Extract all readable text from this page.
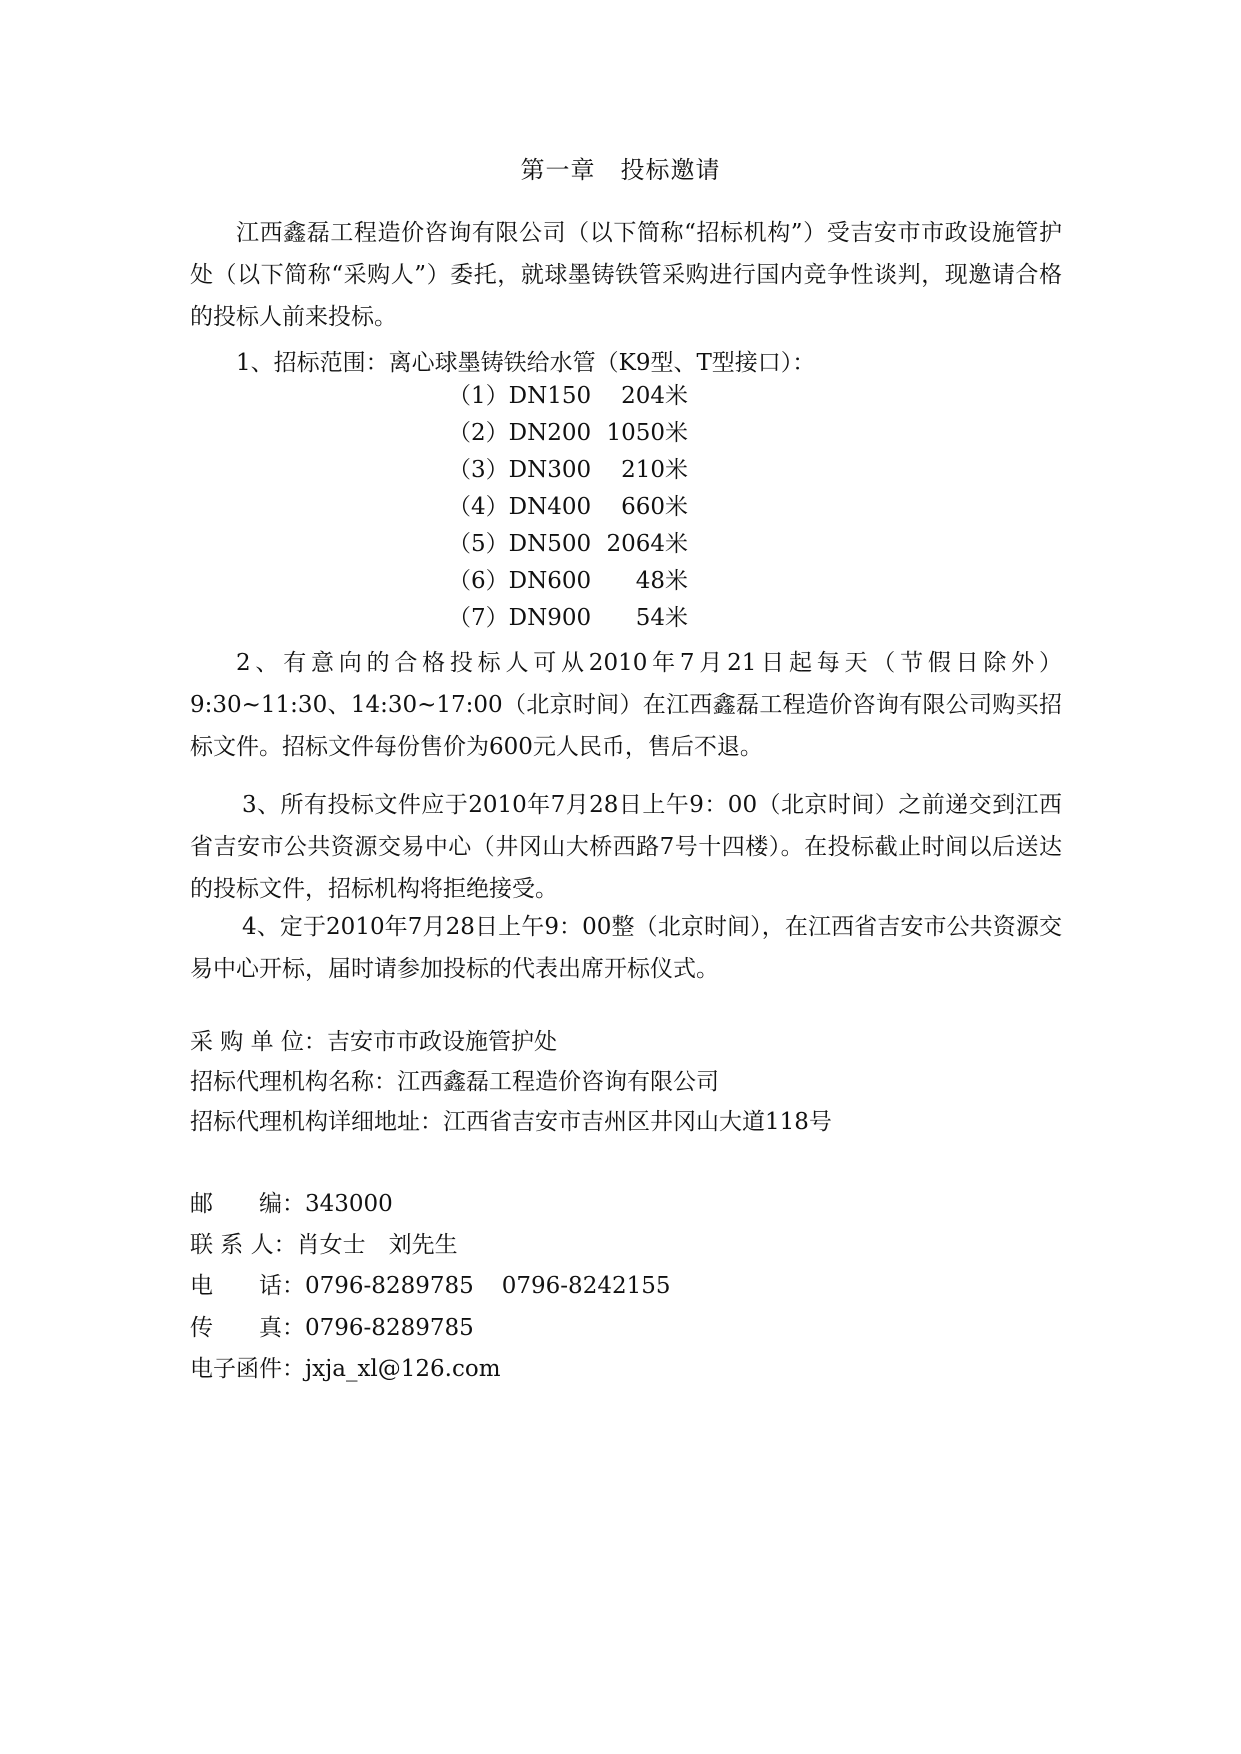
第一章　投标邀请

江西鑫磊工程造价咨询有限公司（以下简称“招标机构”）受吉安市市政设施管护处（以下简称“采购人”）委托，就球墨铸铁管采购进行国内竞争性谈判，现邀请合格的投标人前来投标。

1、招标范围：离心球墨铸铁给水管（K9型、T型接口）：

（1）DN150 204米
（2）DN200 1050米
（3）DN300 210米
（4）DN400 660米
（5）DN500 2064米
（6）DN600 48米
（7）DN900 54米

2、有意向的合格投标人可从2010年7月21日起每天（节假日除外）9:30~11:30、14:30~17:00（北京时间）在江西鑫磊工程造价咨询有限公司购买招标文件。招标文件每份售价为600元人民币，售后不退。

3、所有投标文件应于2010年7月28日上午9：00（北京时间）之前递交到江西省吉安市公共资源交易中心（井冈山大桥西路7号十四楼）。在投标截止时间以后送达的投标文件，招标机构将拒绝接受。

4、定于2010年7月28日上午9：00整（北京时间），在江西省吉安市公共资源交易中心开标，届时请参加投标的代表出席开标仪式。

采 购 单 位：吉安市市政设施管护处
招标代理机构名称：江西鑫磊工程造价咨询有限公司
招标代理机构详细地址：江西省吉安市吉州区井冈山大道118号
邮　　编：343000
联 系 人：肖女士　刘先生
电　　话：0796-8289785 0796-8242155
传　　真：0796-8289785
电子函件：jxja_xl@126.com
